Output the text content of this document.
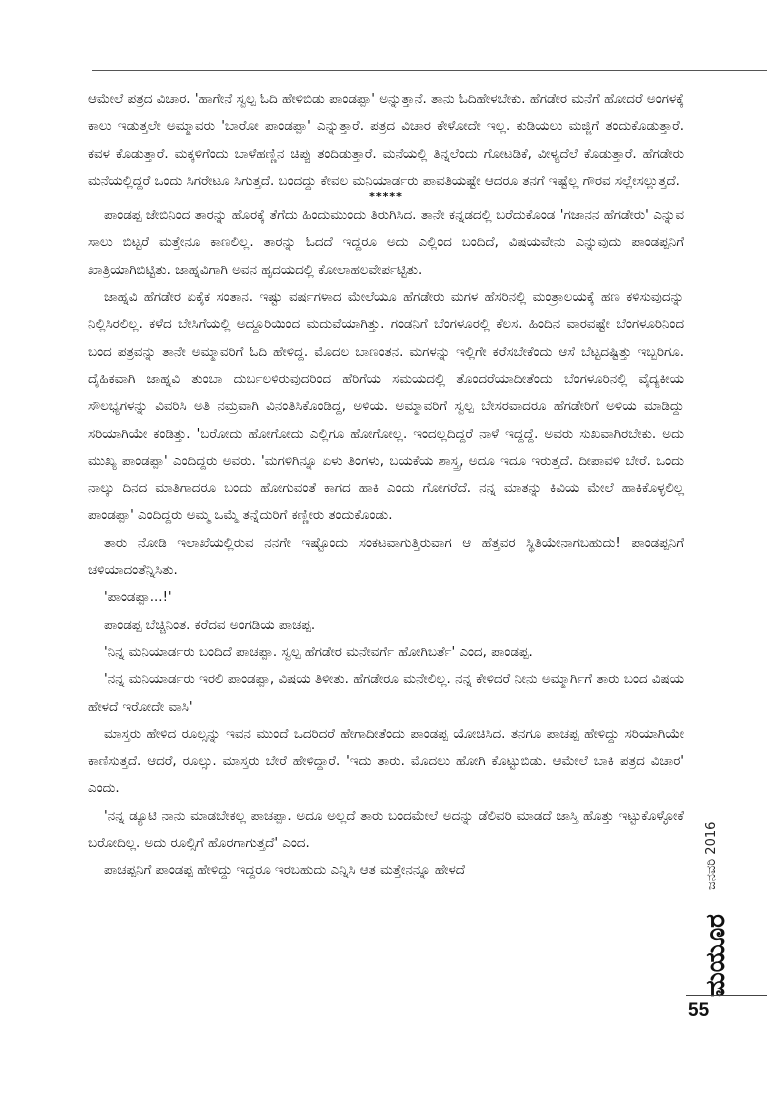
ಆಮೇಲೆ ಪತ್ರದ ವಿಚಾರ. 'ಹಾಗೇನೆ ಸ್ವಲ್ಪ ಓದಿ ಹೇಳಿಬಿಡು ಪಾಂಡಪ್ಪಾ' ಅನ್ನುತ್ತಾನೆ. ತಾನು ಓದಿಹೇಳಬೇಕು. ಹೆಗಡೇರ ಮನೆಗೆ ಹೋದರೆ ಅಂಗಳಕ್ಕೆ ಕಾಲು ಇಡುತ್ತಲೇ ಅಮ್ಮಾವರು 'ಬಾರೋ ಪಾಂಡಪ್ಪಾ' ಎನ್ನುತ್ತಾರೆ. ಪತ್ರದ ವಿಚಾರ ಕೇಳೋದೇ ಇಲ್ಲ. ಕುಡಿಯಲು ಮಜ್ಜಿಗೆ ತಂದುಕೊಡುತ್ತಾರೆ. ಕವಳ ಕೊಡುತ್ತಾರೆ. ಮಕ್ಕಳಿಗೆಂದು ಬಾಳೆಹಣ್ಣಿನ ಚಿಪ್ಪು ತಂದಿಡುತ್ತಾರೆ. ಮನೆಯಲ್ಲಿ ತಿನ್ನಲೆಂದು ಗೋಟಡಿಕೆ, ವೀಳ್ಯದೆಲೆ ಕೊಡುತ್ತಾರೆ. ಹೆಗಡೇರು ಮನೆಯಲ್ಲಿದ್ದರೆ ಒಂದು ಸಿಗರೇಟೂ ಸಿಗುತ್ತದೆ. ಬಂದದ್ದು ಕೇವಲ ಮನಿಯಾರ್ಡರು ಪಾವತಿಯಷ್ಟೇ ಆದರೂ ತನಗೆ ಇಷ್ಟೆಲ್ಲ ಗೌರವ ಸಲ್ಲೇಸಲ್ಲುತ್ತದೆ.

*****

ಪಾಂಡಪ್ಪ ಜೇಬಿನಿಂದ ತಾರನ್ನು ಹೊರಕ್ಕೆ ತೆಗೆದು ಹಿಂದುಮುಂದು ತಿರುಗಿಸಿದ. ತಾನೇ ಕನ್ನಡದಲ್ಲಿ ಬರೆದುಕೊಂಡ 'ಗಜಾನನ ಹೆಗಡೇರು' ಎನ್ನುವ ಸಾಲು ಬಿಟ್ಟರೆ ಮತ್ತೇನೂ ಕಾಣಲಿಲ್ಲ. ತಾರನ್ನು ಓದದೆ ಇದ್ದರೂ ಅದು ಎಲ್ಲಿಂದ ಬಂದಿದೆ, ವಿಷಯವೇನು ಎನ್ನುವುದು ಪಾಂಡಪ್ಪನಿಗೆ ಖಾತ್ರಿಯಾಗಿಬಿಟ್ಟಿತು. ಜಾಹ್ನವಿಗಾಗಿ ಅವನ ಹೃದಯದಲ್ಲಿ ಕೋಲಾಹಲವೇರ್ಪಟ್ಟಿತು.

ಜಾಹ್ನವಿ ಹೆಗಡೇರ ಏಕೈಕ ಸಂತಾನ. ಇಷ್ಟು ವರ್ಷಗಳಾದ ಮೇಲೆಯೂ ಹೆಗಡೇರು ಮಗಳ ಹೆಸರಿನಲ್ಲಿ ಮಂತ್ರಾಲಯಕ್ಕೆ ಹಣ ಕಳಿಸುವುದನ್ನು ನಿಲ್ಲಿಸಿರಲಿಲ್ಲ. ಕಳೆದ ಬೇಸಿಗೆಯಲ್ಲಿ ಅದ್ದೂರಿಯಿಂದ ಮದುವೆಯಾಗಿತ್ತು. ಗಂಡನಿಗೆ ಬೆಂಗಳೂರಲ್ಲಿ ಕೆಲಸ. ಹಿಂದಿನ ವಾರವಷ್ಟೇ ಬೆಂಗಳೂರಿನಿಂದ ಬಂದ ಪತ್ರವನ್ನು ತಾನೇ ಅಮ್ಮಾವರಿಗೆ ಓದಿ ಹೇಳಿದ್ದ. ಮೊದಲ ಬಾಣಂತನ. ಮಗಳನ್ನು ಇಲ್ಲಿಗೇ ಕರೆಸಬೇಕೆಂದು ಆಸೆ ಬೆಟ್ಟದಷ್ಟಿತ್ತು ಇಬ್ಬರಿಗೂ. ದೈಹಿಕವಾಗಿ ಜಾಹ್ನವಿ ತುಂಬಾ ದುರ್ಬಲಳಿರುವುದರಿಂದ ಹೆರಿಗೆಯ ಸಮಯದಲ್ಲಿ ತೊಂದರೆಯಾದೀತೆಂದು ಬೆಂಗಳೂರಿನಲ್ಲಿ ವೈದ್ಯಕೀಯ ಸೌಲಭ್ಯಗಳನ್ನು ವಿವರಿಸಿ ಅತಿ ನಮ್ರವಾಗಿ ವಿನಂತಿಸಿಕೊಂಡಿದ್ದ, ಅಳಿಯ. ಅಮ್ಮಾವರಿಗೆ ಸ್ವಲ್ಪ ಬೇಸರವಾದರೂ ಹೆಗಡೇರಿಗೆ ಅಳಿಯ ಮಾಡಿದ್ದು ಸರಿಯಾಗಿಯೇ ಕಂಡಿತ್ತು. 'ಬರೋದು ಹೋಗೋದು ಎಲ್ಲಿಗೂ ಹೋಗೋಲ್ಲ. ಇಂದಲ್ಲದಿದ್ದರೆ ನಾಳೆ ಇದ್ದದ್ದೆ. ಅವರು ಸುಖವಾಗಿರಬೇಕು. ಅದು ಮುಖ್ಯ ಪಾಂಡಪ್ಪಾ' ಎಂದಿದ್ದರು ಅವರು. 'ಮಗಳಿಗಿನ್ನೂ ಏಳು ತಿಂಗಳು, ಬಯಕೆಯ ಶಾಸ್ತ್ರ, ಅದೂ ಇದೂ ಇರುತ್ತದೆ. ದೀಪಾವಳಿ ಬೇರೆ. ಒಂದು ನಾಲ್ಕು ದಿನದ ಮಾತಿಗಾದರೂ ಬಂದು ಹೋಗುವಂತೆ ಕಾಗದ ಹಾಕಿ ಎಂದು ಗೋಗರೆದೆ. ನನ್ನ ಮಾತನ್ನು ಕಿವಿಯ ಮೇಲೆ ಹಾಕಿಕೊಳ್ಳಲಿಲ್ಲ ಪಾಂಡಪ್ಪಾ' ಎಂದಿದ್ದರು ಅಮ್ಮ ಒಮ್ಮೆ ತನ್ನೆದುರಿಗೆ ಕಣ್ಣೀರು ತಂದುಕೊಂಡು.

ತಾರು ನೋಡಿ ಇಲಾಖೆಯಲ್ಲಿರುವ ನನಗೇ ಇಷ್ಟೊಂದು ಸಂಕಟವಾಗುತ್ತಿರುವಾಗ ಆ ಹೆತ್ತವರ ಸ್ಥಿತಿಯೇನಾಗಬಹುದು! ಪಾಂಡಪ್ಪನಿಗೆ ಚಳಿಯಾದಂತೆನ್ನಿಸಿತು.

'ಪಾಂಡಪ್ಪಾ...!'

ಪಾಂಡಪ್ಪ ಬೆಚ್ಚಿನಿಂತ. ಕರೆದವ ಅಂಗಡಿಯ ಪಾಚಪ್ಪ.

'ನಿನ್ನ ಮನಿಯಾರ್ಡರು ಬಂದಿದೆ ಪಾಚಪ್ಪಾ. ಸ್ವಲ್ಪ ಹೆಗಡೇರ ಮನೇವರ್ಗೆ ಹೋಗಿಬರ್ತೆ' ಎಂದ, ಪಾಂಡಪ್ಪ.

'ನನ್ನ ಮನಿಯಾರ್ಡರು ಇರಲಿ ಪಾಂಡಪ್ಪಾ, ವಿಷಯ ತಿಳೀತು. ಹೆಗಡೇರೂ ಮನೇಲಿಲ್ಲ. ನನ್ನ ಕೇಳಿದರೆ ನೀನು ಅಮ್ಮಾರ್ಗಿಗೆ ತಾರು ಬಂದ ವಿಷಯ ಹೇಳದೆ ಇರೋದೇ ವಾಸಿ'

ಮಾಸ್ತರು ಹೇಳಿದ ರೂಲ್ಸನ್ನು ಇವನ ಮುಂದೆ ಒದರಿದರೆ ಹೇಗಾದೀತೆಂದು ಪಾಂಡಪ್ಪ ಯೋಚಿಸಿದ. ತನಗೂ ಪಾಚಪ್ಪ ಹೇಳಿದ್ದು ಸರಿಯಾಗಿಯೇ ಕಾಣಿಸುತ್ತದೆ. ಆದರೆ, ರೂಲ್ಸು. ಮಾಸ್ತರು ಬೇರೆ ಹೇಳಿದ್ದಾರೆ. 'ಇದು ತಾರು. ಮೊದಲು ಹೋಗಿ ಕೊಟ್ಟುಬಿಡು. ಆಮೇಲೆ ಬಾಕಿ ಪತ್ರದ ವಿಚಾರ' ಎಂದು.

'ನನ್ನ ಡ್ಯೂಟಿ ನಾನು ಮಾಡಬೇಕಲ್ಲ ಪಾಚಪ್ಪಾ. ಅದೂ ಅಲ್ಲದೆ ತಾರು ಬಂದಮೇಲೆ ಅದನ್ನು ಡೆಲಿವರಿ ಮಾಡದೆ ಜಾಸ್ತಿ ಹೊತ್ತು ಇಟ್ಟುಕೊಳ್ಳೋಕೆ ಬರೋದಿಲ್ಲ. ಅದು ರೂಲ್ಸಿಗೆ ಹೊರಗಾಗುತ್ತದೆ' ಎಂದ.

ಪಾಚಪ್ಪನಿಗೆ ಪಾಂಡಪ್ಪ ಹೇಳಿದ್ದು ಇದ್ದರೂ ಇರಬಹುದು ಎನ್ನಿಸಿ ಆತ ಮತ್ತೇನನ್ನೂ ಹೇಳದೆ	ಜನವರಿ 2016
ಮಯೂರ
55
